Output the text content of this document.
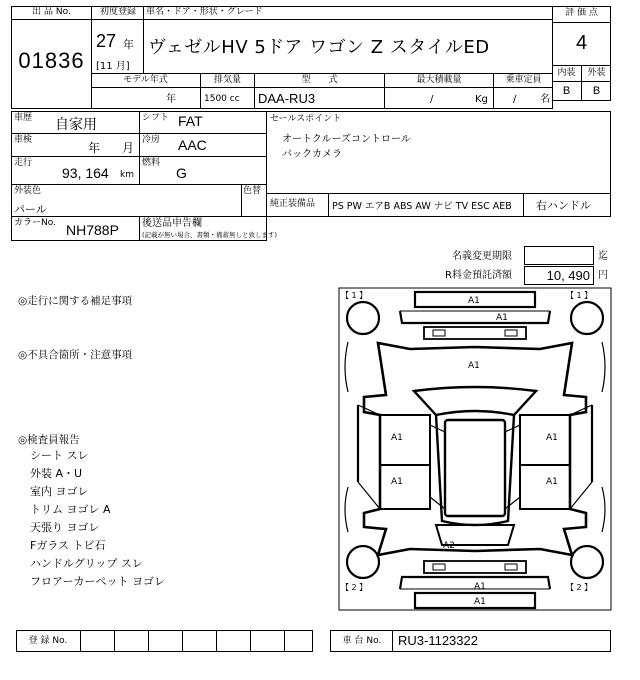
出 品 No.
01836
初度登録
27 年
[11 月]
車名・ドア・形状・グレード
ヴェゼルHV 5ドア ワゴン Z スタイルED
評 価 点
4
内装	外装
B	B
モデル年式	排気量	型　　式	最大積載量	乗車定員
年	1500 cc DAA-RU3	/	Kg	/ 名
車歴 自家用	シフト FAT
車検
年 月
冷房 AAC
走行
93, 164 km
燃料
G
外装色
パール
色替
カラーNo. NH788P 後送品申告欄
(記載が無い場合、書類・備蓄無しと致します)
セールスポイント
オートクルーズコントロール
バックカメラ
純正装備品 PS PW エアB ABS AW ナビ TV ESC AEB 右ハンドル
名義変更期限	迄
R料金預託済額	10, 490 円
◎走行に関する補足事項
◎不具合箇所・注意事項
◎検査員報告
シート スレ
外装 A・U
室内 ヨゴレ
トリム ヨゴレ A
天張り ヨゴレ
Fガラス トビ石
ハンドルグリップ スレ
フロアーカーペット ヨゴレ
【 1 】	【 1 】
【 2 】	【 2 】
A1
A1
A1
A1	A1
A1	A1
A2
A1
A1
登 録 No.	車 台 No.	RU3-1123322
